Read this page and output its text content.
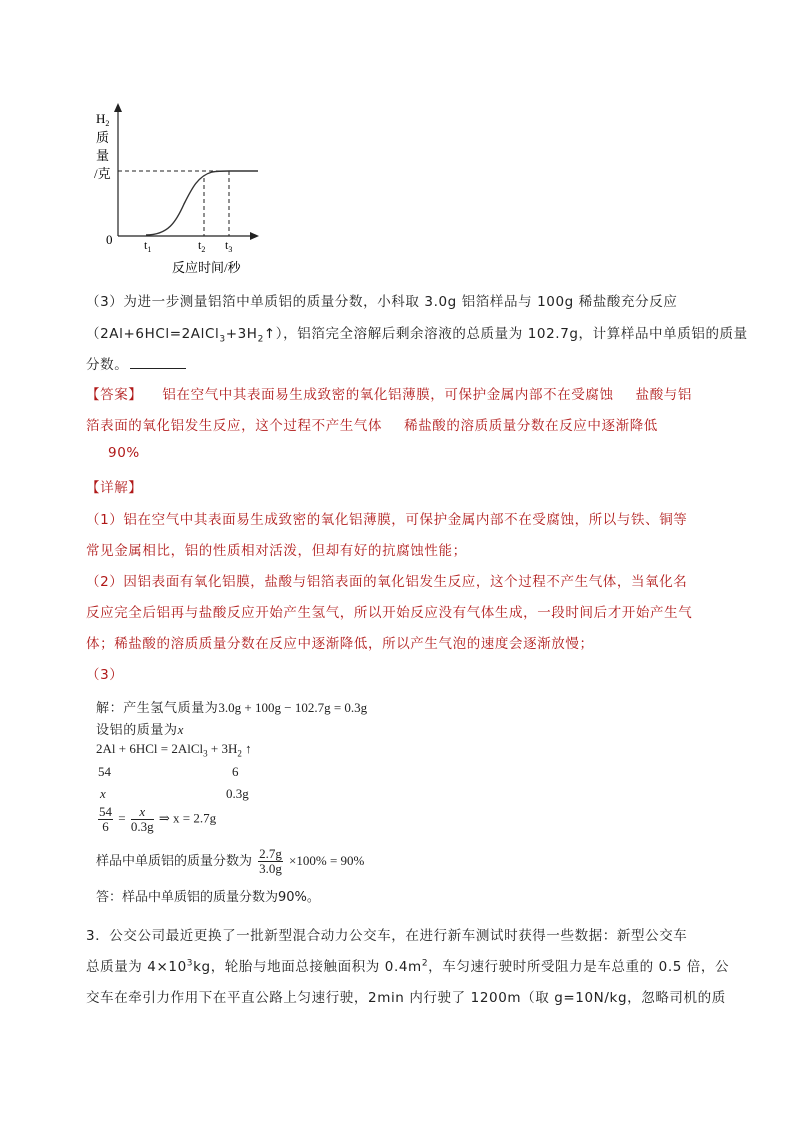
$H_2$
质
量
/克
0	$t_1$	$t_2$ $t_3$
反应时间/秒
（3）为进一步测量铝箔中单质铝的质量分数，小科取 3.0g 铝箔样品与 100g 稀盐酸充分反应
$(2Al+6HCl=2AlCl_3+3H_2↑)$，铝箔完全溶解后剩余溶液的总质量为 102.7g，计算样品中单质铝的质量
分数。
【答案】 铝在空气中其表面易生成致密的氧化铝薄膜，可保护金属内部不在受腐蚀 盐酸与铝
箔表面的氧化铝发生反应，这个过程不产生气体 稀盐酸的溶质质量分数在反应中逐渐降低
90%
【详解】
（1）铝在空气中其表面易生成致密的氧化铝薄膜，可保护金属内部不在受腐蚀，所以与铁、铜等
常见金属相比，铝的性质相对活泼，但却有好的抗腐蚀性能；
（2）因铝表面有氧化铝膜，盐酸与铝箔表面的氧化铝发生反应，这个过程不产生气体，当氧化名
反应完全后铝再与盐酸反应开始产生氢气，所以开始反应没有气体生成，一段时间后才开始产生气
体；稀盐酸的溶质质量分数在反应中逐渐降低，所以产生气泡的速度会逐渐放慢；
（3）
解：产生氢气质量为3.0g + 100g − 102.7g = 0.3g
设铝的质量为x
2Al + 6HCl = 2AlCl$_3$ + $3H_2$ ↑
54	6
x	0.3g
$\frac{54}{6} = \frac{x}{0.3g}$ ⇒ x = 2.7g
样品中单质铝的质量分数为 $\frac{2.7g}{3.0g} \times 100\% = 90\%$
答：样品中单质铝的质量分数为90%。
3．公交公司最近更换了一批新型混合动力公交车，在进行新车测试时获得一些数据：新型公交车
总质量为 $4\times 10^3kg$，轮胎与地面总接触面积为 $0.4m^2$，车匀速行驶时所受阻力是车总重的 0.5 倍，公
交车在牵引力作用下在平直公路上匀速行驶，2min 内行驶了 1200m（取 g=10N/kg，忽略司机的质
